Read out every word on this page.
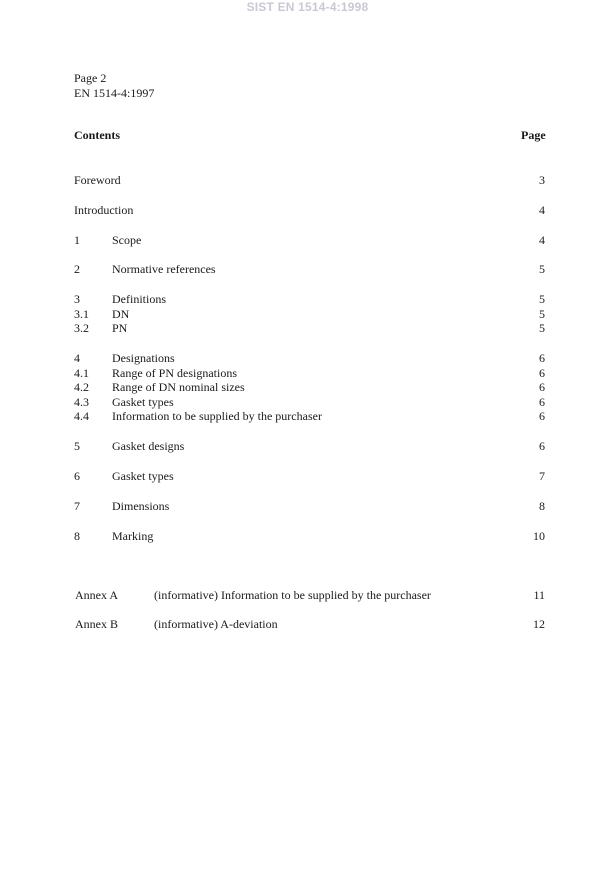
SIST EN 1514-4:1998
Page 2
EN 1514-4:1997
Contents	Page
Foreword	3
Introduction	4
1	Scope	4
2	Normative references	5
3	Definitions	5
3.1 DN	5
3.2 PN	5
4	Designations	6
4.1 Range of PN designations	6
4.2 Range of DN nominal sizes	6
4.3 Gasket types	6
4.4 Information to be supplied by the purchaser	6
5	Gasket designs	6
6	Gasket types	7
7	Dimensions	8
8	Marking	10
Annex A	(informative) Information to be supplied by the purchaser	11
Annex B	(informative) A-deviation	12
